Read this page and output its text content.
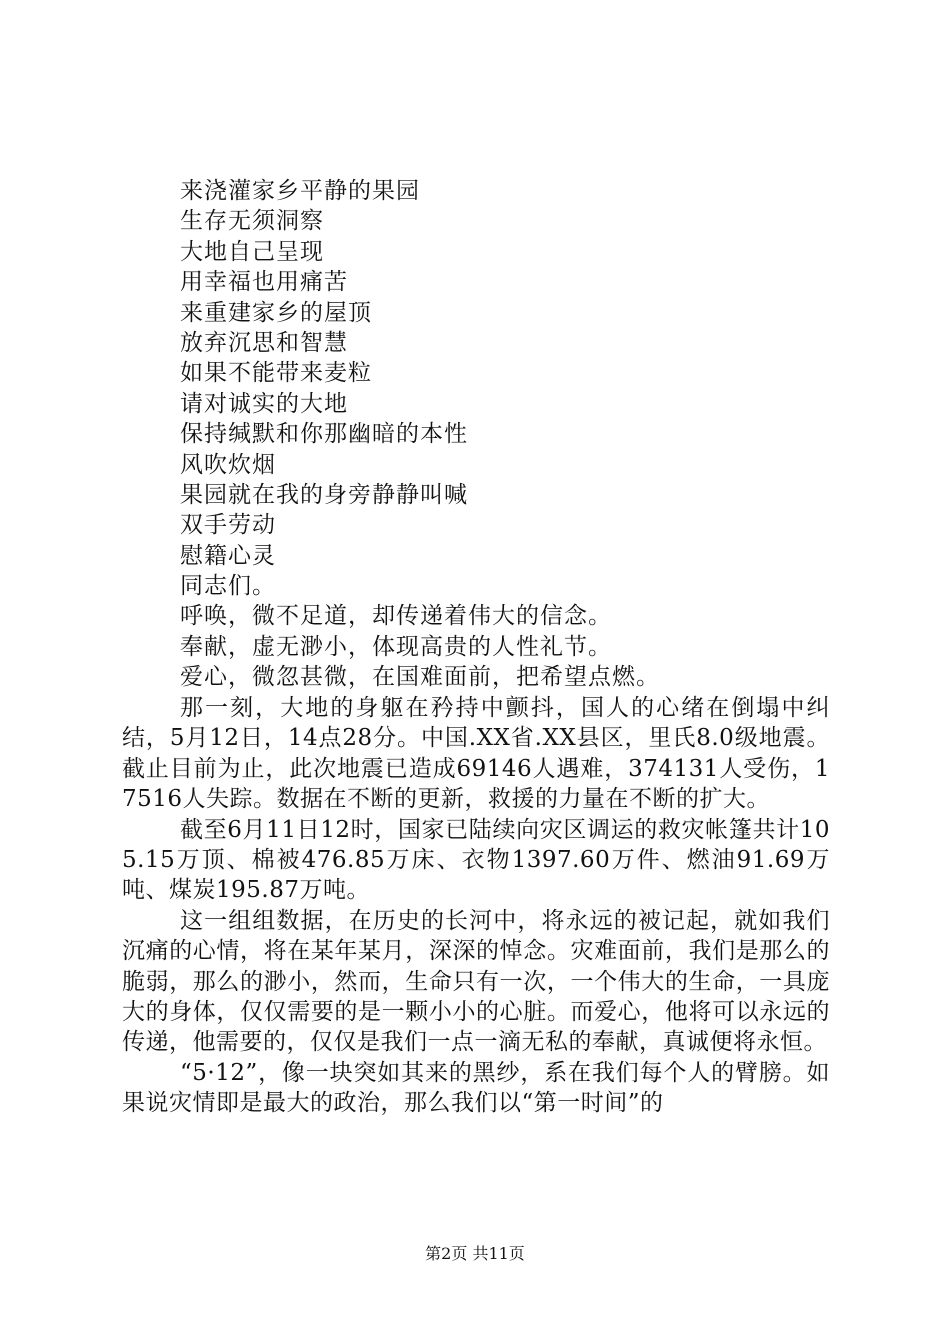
来浇灌家乡平静的果园
生存无须洞察
大地自己呈现
用幸福也用痛苦
来重建家乡的屋顶
放弃沉思和智慧
如果不能带来麦粒
请对诚实的大地
保持缄默和你那幽暗的本性
风吹炊烟
果园就在我的身旁静静叫喊
双手劳动
慰籍心灵
同志们。
呼唤，微不足道，却传递着伟大的信念。
奉献，虚无渺小，体现高贵的人性礼节。
爱心，微忽甚微，在国难面前，把希望点燃。

那一刻，大地的身躯在矜持中颤抖，国人的心绪在倒塌中纠结，5月12日，14点28分。中国.XX省.XX县区，里氏8.0级地震。截止目前为止，此次地震已造成69146人遇难，374131人受伤，17516人失踪。数据在不断的更新，救援的力量在不断的扩大。

截至6月11日12时，国家已陆续向灾区调运的救灾帐篷共计105.15万顶、棉被476.85万床、衣物1397.60万件、燃油91.69万吨、煤炭195.87万吨。

这一组组数据，在历史的长河中，将永远的被记起，就如我们沉痛的心情，将在某年某月，深深的悼念。灾难面前，我们是那么的脆弱，那么的渺小，然而，生命只有一次，一个伟大的生命，一具庞大的身体，仅仅需要的是一颗小小的心脏。而爱心，他将可以永远的传递，他需要的，仅仅是我们一点一滴无私的奉献，真诚便将永恒。

“5·12”，像一块突如其来的黑纱，系在我们每个人的臂膀。如果说灾情即是最大的政治，那么我们以“第一时间”的

第2页 共11页
